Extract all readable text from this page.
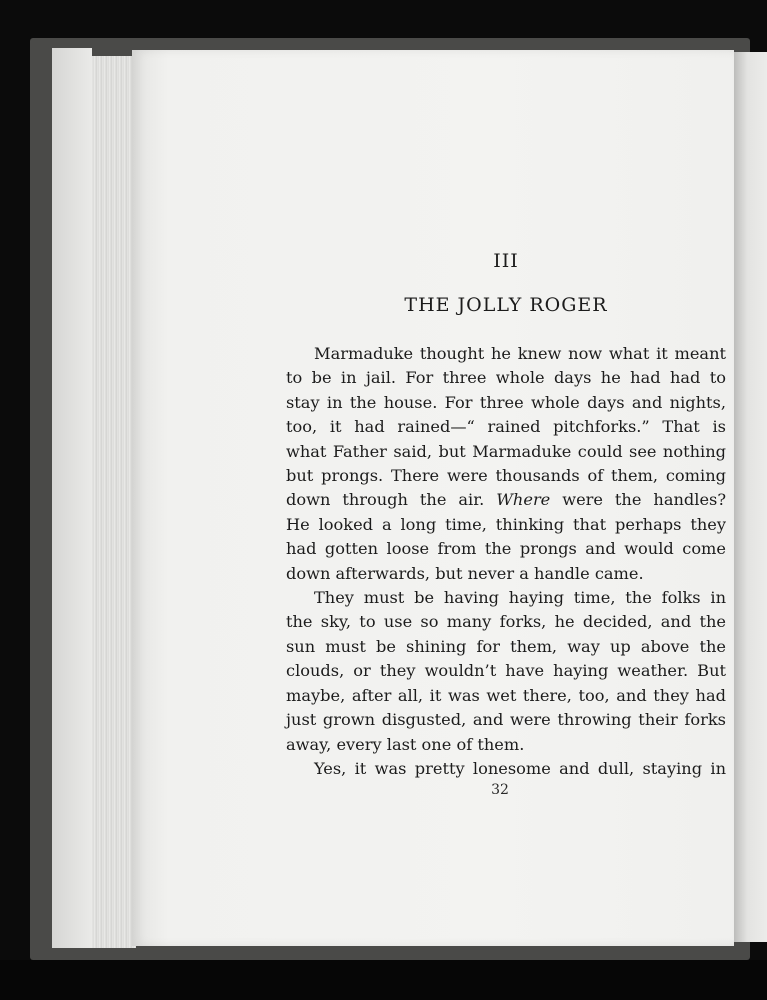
III
THE JOLLY ROGER

Marmaduke thought he knew now what it meant
to be in jail. For three whole days he had had to
stay in the house. For three whole days and nights,
too, it had rained—“ rained pitchforks.” That is
what Father said, but Marmaduke could see nothing
but prongs. There were thousands of them, coming
down through the air. Where were the handles?
He looked a long time, thinking that perhaps they
had gotten loose from the prongs and would come
down afterwards, but never a handle came.

They must be having haying time, the folks in
the sky, to use so many forks, he decided, and the
sun must be shining for them, way up above the
clouds, or they wouldn’t have haying weather. But
maybe, after all, it was wet there, too, and they had
just grown disgusted, and were throwing their forks
away, every last one of them.

Yes, it was pretty lonesome and dull, staying in

32
